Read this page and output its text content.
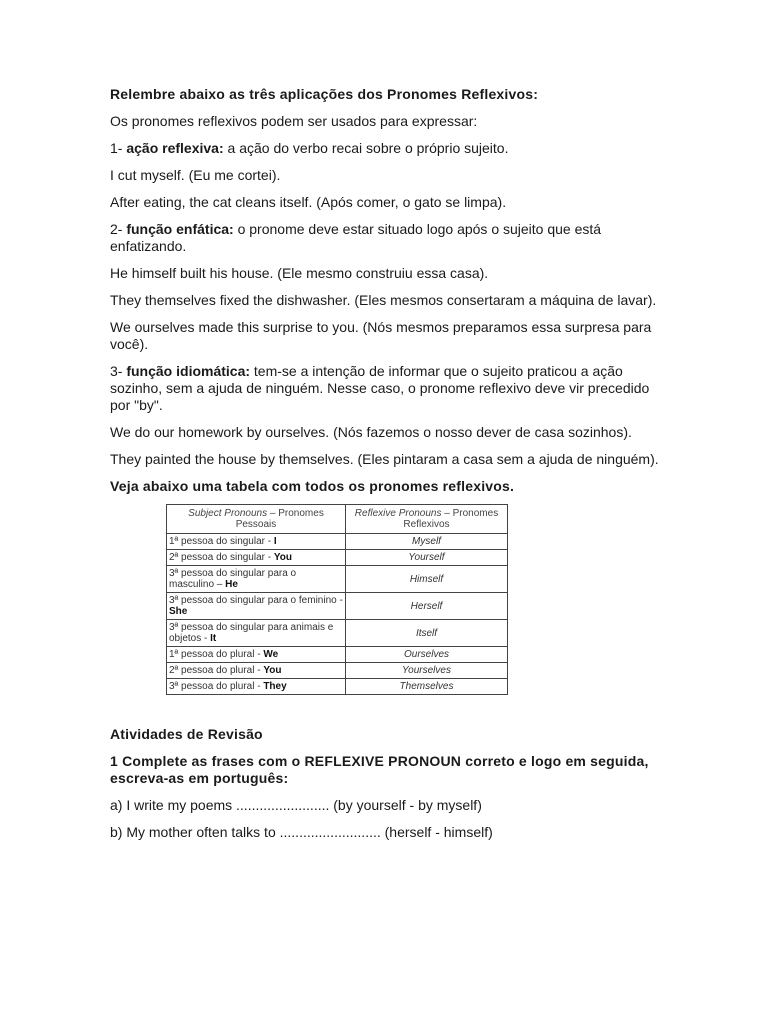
Relembre abaixo as três aplicações dos Pronomes Reflexivos:

Os pronomes reflexivos podem ser usados para expressar:

1- ação reflexiva: a ação do verbo recai sobre o próprio sujeito.

I cut myself. (Eu me cortei).

After eating, the cat cleans itself. (Após comer, o gato se limpa).

2- função enfática: o pronome deve estar situado logo após o sujeito que está enfatizando.

He himself built his house. (Ele mesmo construiu essa casa).

They themselves fixed the dishwasher. (Eles mesmos consertaram a máquina de lavar).

We ourselves made this surprise to you. (Nós mesmos preparamos essa surpresa para você).

3- função idiomática: tem-se a intenção de informar que o sujeito praticou a ação sozinho, sem a ajuda de ninguém. Nesse caso, o pronome reflexivo deve vir precedido por "by".

We do our homework by ourselves. (Nós fazemos o nosso dever de casa sozinhos).

They painted the house by themselves. (Eles pintaram a casa sem a ajuda de ninguém).

Veja abaixo uma tabela com todos os pronomes reflexivos.

Subject Pronouns – Pronomes Pessoais	Reflexive Pronouns – Pronomes Reflexivos
1ª pessoa do singular - I	Myself
2ª pessoa do singular - You	Yourself
3ª pessoa do singular para o masculino – He	Himself
3ª pessoa do singular para o feminino - She	Herself
3ª pessoa do singular para animais e objetos - It	Itself
1ª pessoa do plural - We	Ourselves
2ª pessoa do plural - You	Yourselves
3ª pessoa do plural - They	Themselves

Atividades de Revisão

1 Complete as frases com o REFLEXIVE PRONOUN correto e logo em seguida, escreva-as em português:

a) I write my poems ........................ (by yourself - by myself)

b) My mother often talks to .......................... (herself - himself)
